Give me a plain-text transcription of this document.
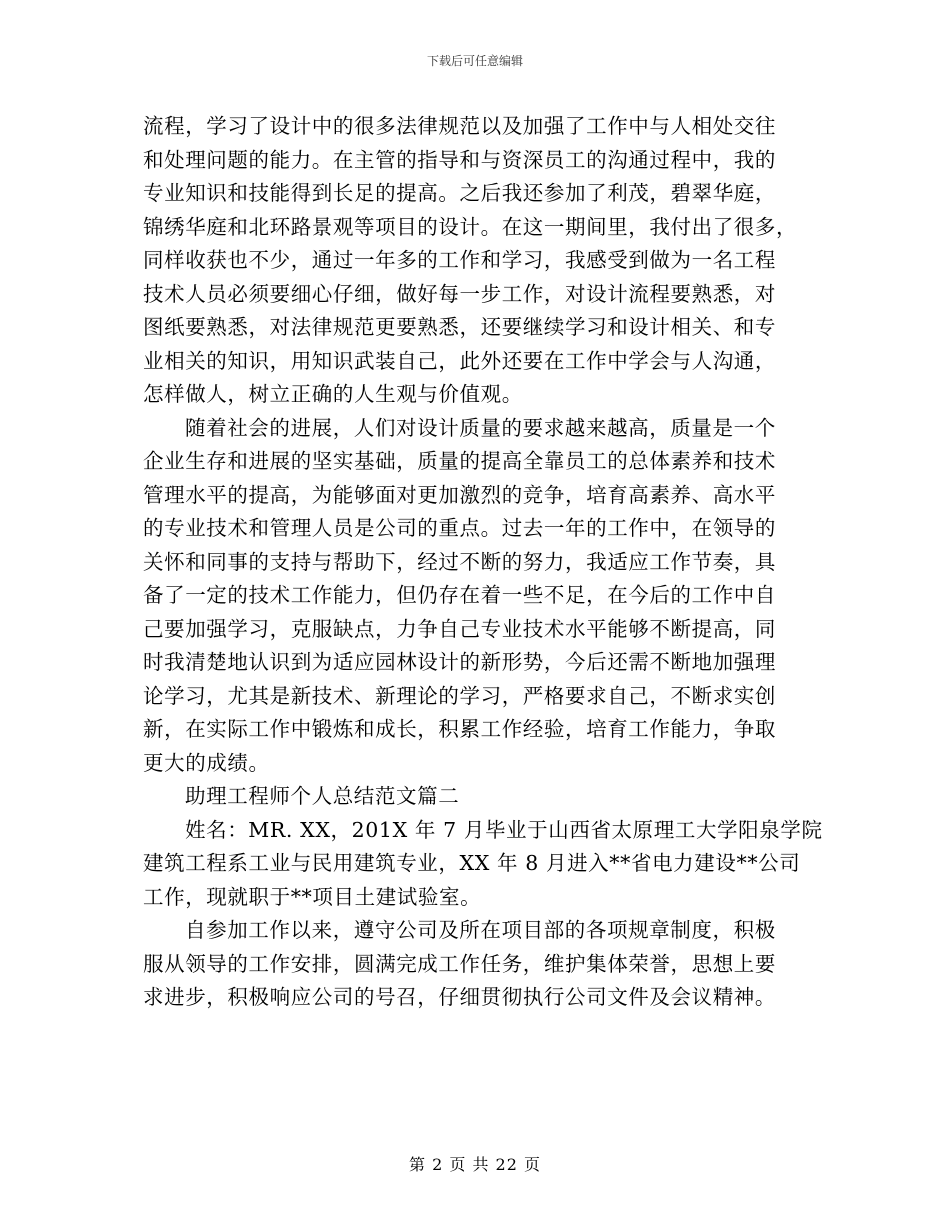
下载后可任意编辑
流程，学习了设计中的很多法律规范以及加强了工作中与人相处交往
和处理问题的能力。在主管的指导和与资深员工的沟通过程中，我的
专业知识和技能得到长足的提高。之后我还参加了利茂，碧翠华庭，
锦绣华庭和北环路景观等项目的设计。在这一期间里，我付出了很多，
同样收获也不少，通过一年多的工作和学习，我感受到做为一名工程
技术人员必须要细心仔细，做好每一步工作，对设计流程要熟悉，对
图纸要熟悉，对法律规范更要熟悉，还要继续学习和设计相关、和专
业相关的知识，用知识武装自己，此外还要在工作中学会与人沟通，
怎样做人，树立正确的人生观与价值观。
随着社会的进展，人们对设计质量的要求越来越高，质量是一个
企业生存和进展的坚实基础，质量的提高全靠员工的总体素养和技术
管理水平的提高，为能够面对更加激烈的竞争，培育高素养、高水平
的专业技术和管理人员是公司的重点。过去一年的工作中，在领导的
关怀和同事的支持与帮助下，经过不断的努力，我适应工作节奏，具
备了一定的技术工作能力，但仍存在着一些不足，在今后的工作中自
己要加强学习，克服缺点，力争自己专业技术水平能够不断提高，同
时我清楚地认识到为适应园林设计的新形势，今后还需不断地加强理
论学习，尤其是新技术、新理论的学习，严格要求自己，不断求实创
新，在实际工作中锻炼和成长，积累工作经验，培育工作能力，争取
更大的成绩。
助理工程师个人总结范文篇二
姓名：MR. XX，201X 年 7 月毕业于山西省太原理工大学阳泉学院
建筑工程系工业与民用建筑专业，XX 年 8 月进入**省电力建设**公司
工作，现就职于**项目土建试验室。
自参加工作以来，遵守公司及所在项目部的各项规章制度，积极
服从领导的工作安排，圆满完成工作任务，维护集体荣誉，思想上要
求进步，积极响应公司的号召，仔细贯彻执行公司文件及会议精神。
第 2 页 共 22 页
